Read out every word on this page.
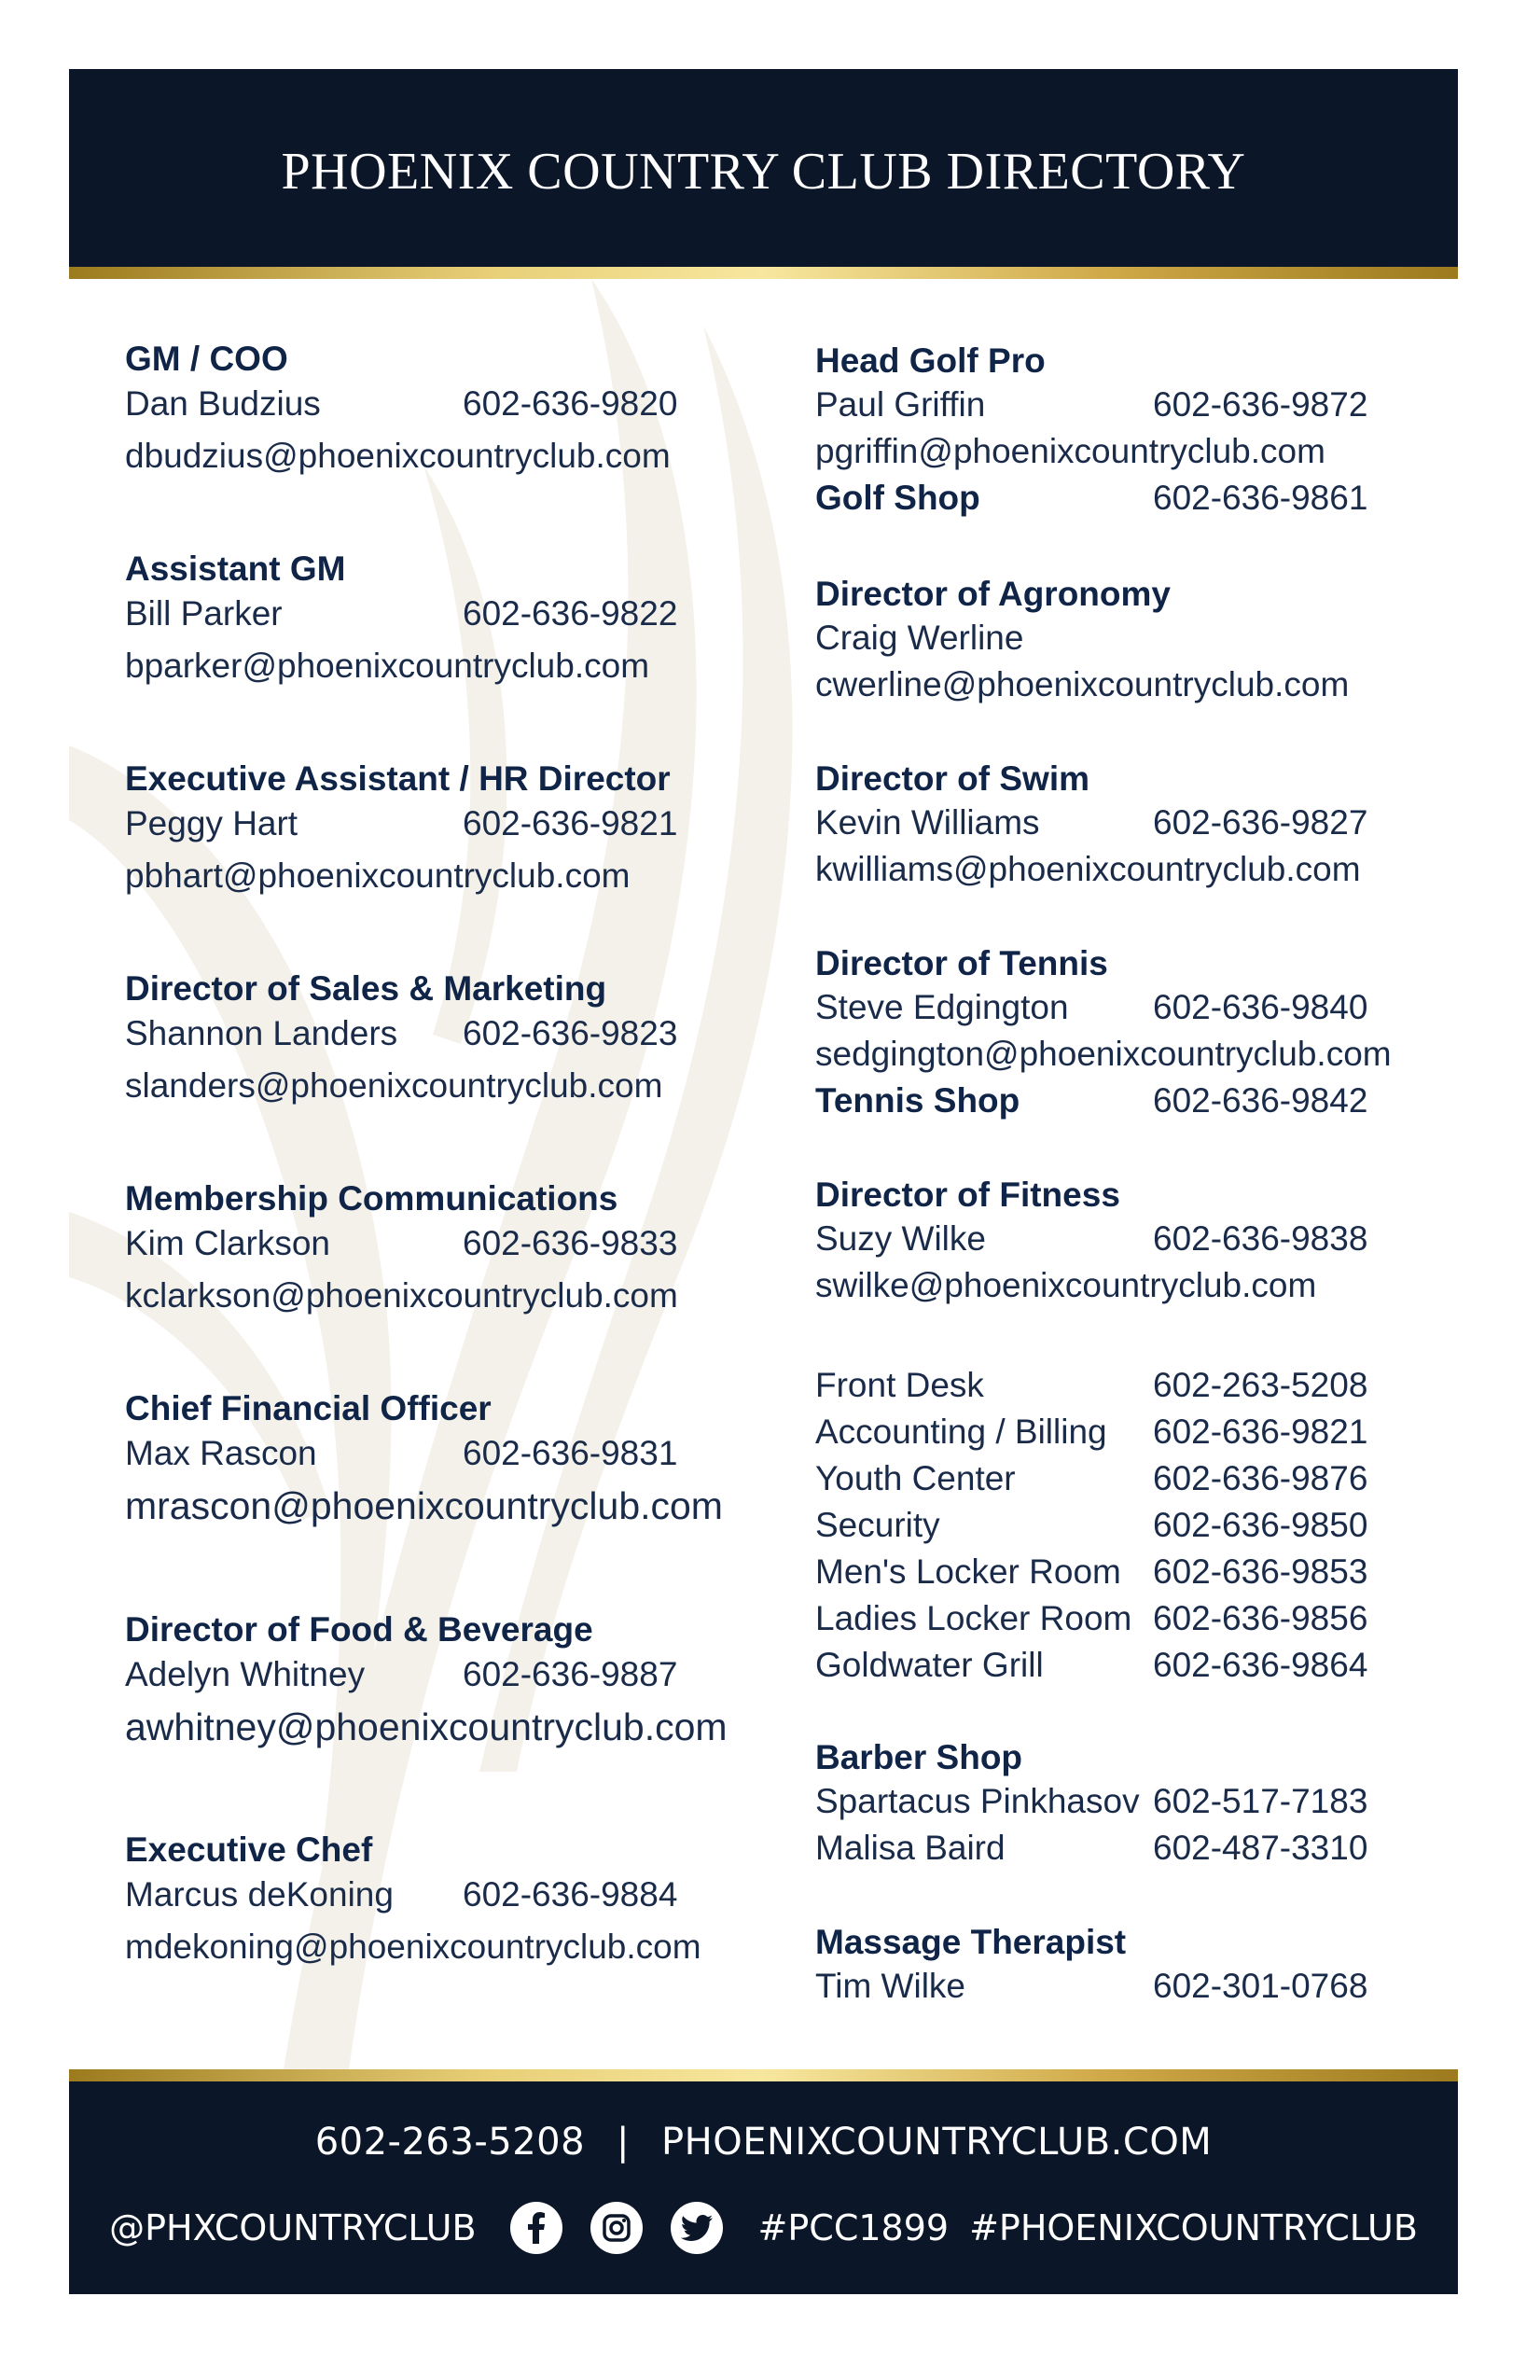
PHOENIX COUNTRY CLUB DIRECTORY
GM / COO
Dan Budzius	602-636-9820
dbudzius@phoenixcountryclub.com
Assistant GM
Bill Parker	602-636-9822
bparker@phoenixcountryclub.com
Executive Assistant / HR Director
Peggy Hart	602-636-9821
pbhart@phoenixcountryclub.com
Director of Sales & Marketing
Shannon Landers 602-636-9823
slanders@phoenixcountryclub.com
Membership Communications
Kim Clarkson	602-636-9833
kclarkson@phoenixcountryclub.com
Chief Financial Officer
Max Rascon	602-636-9831
mrascon@phoenixcountryclub.com
Director of Food & Beverage
Adelyn Whitney	602-636-9887
awhitney@phoenixcountryclub.com
Executive Chef
Marcus deKoning 602-636-9884
mdekoning@phoenixcountryclub.com
Head Golf Pro
Paul Griffin	602-636-9872
pgriffin@phoenixcountryclub.com
Golf Shop	602-636-9861
Director of Agronomy
Craig Werline
cwerline@phoenixcountryclub.com
Director of Swim
Kevin Williams	602-636-9827
kwilliams@phoenixcountryclub.com
Director of Tennis
Steve Edgington 602-636-9840
sedgington@phoenixcountryclub.com
Tennis Shop	602-636-9842
Director of Fitness
Suzy Wilke	602-636-9838
swilke@phoenixcountryclub.com
Front Desk	602-263-5208
Accounting / Billing 602-636-9821
Youth Center	602-636-9876
Security	602-636-9850
Men's Locker Room 602-636-9853
Ladies Locker Room 602-636-9856
Goldwater Grill	602-636-9864
Barber Shop
Spartacus Pinkhasov 602-517-7183
Malisa Baird	602-487-3310
Massage Therapist
Tim Wilke	602-301-0768
602-263-5208 | PHOENIXCOUNTRYCLUB.COM
@PHXCOUNTRYCLUB	#PCC1899 #PHOENIXCOUNTRYCLUB
